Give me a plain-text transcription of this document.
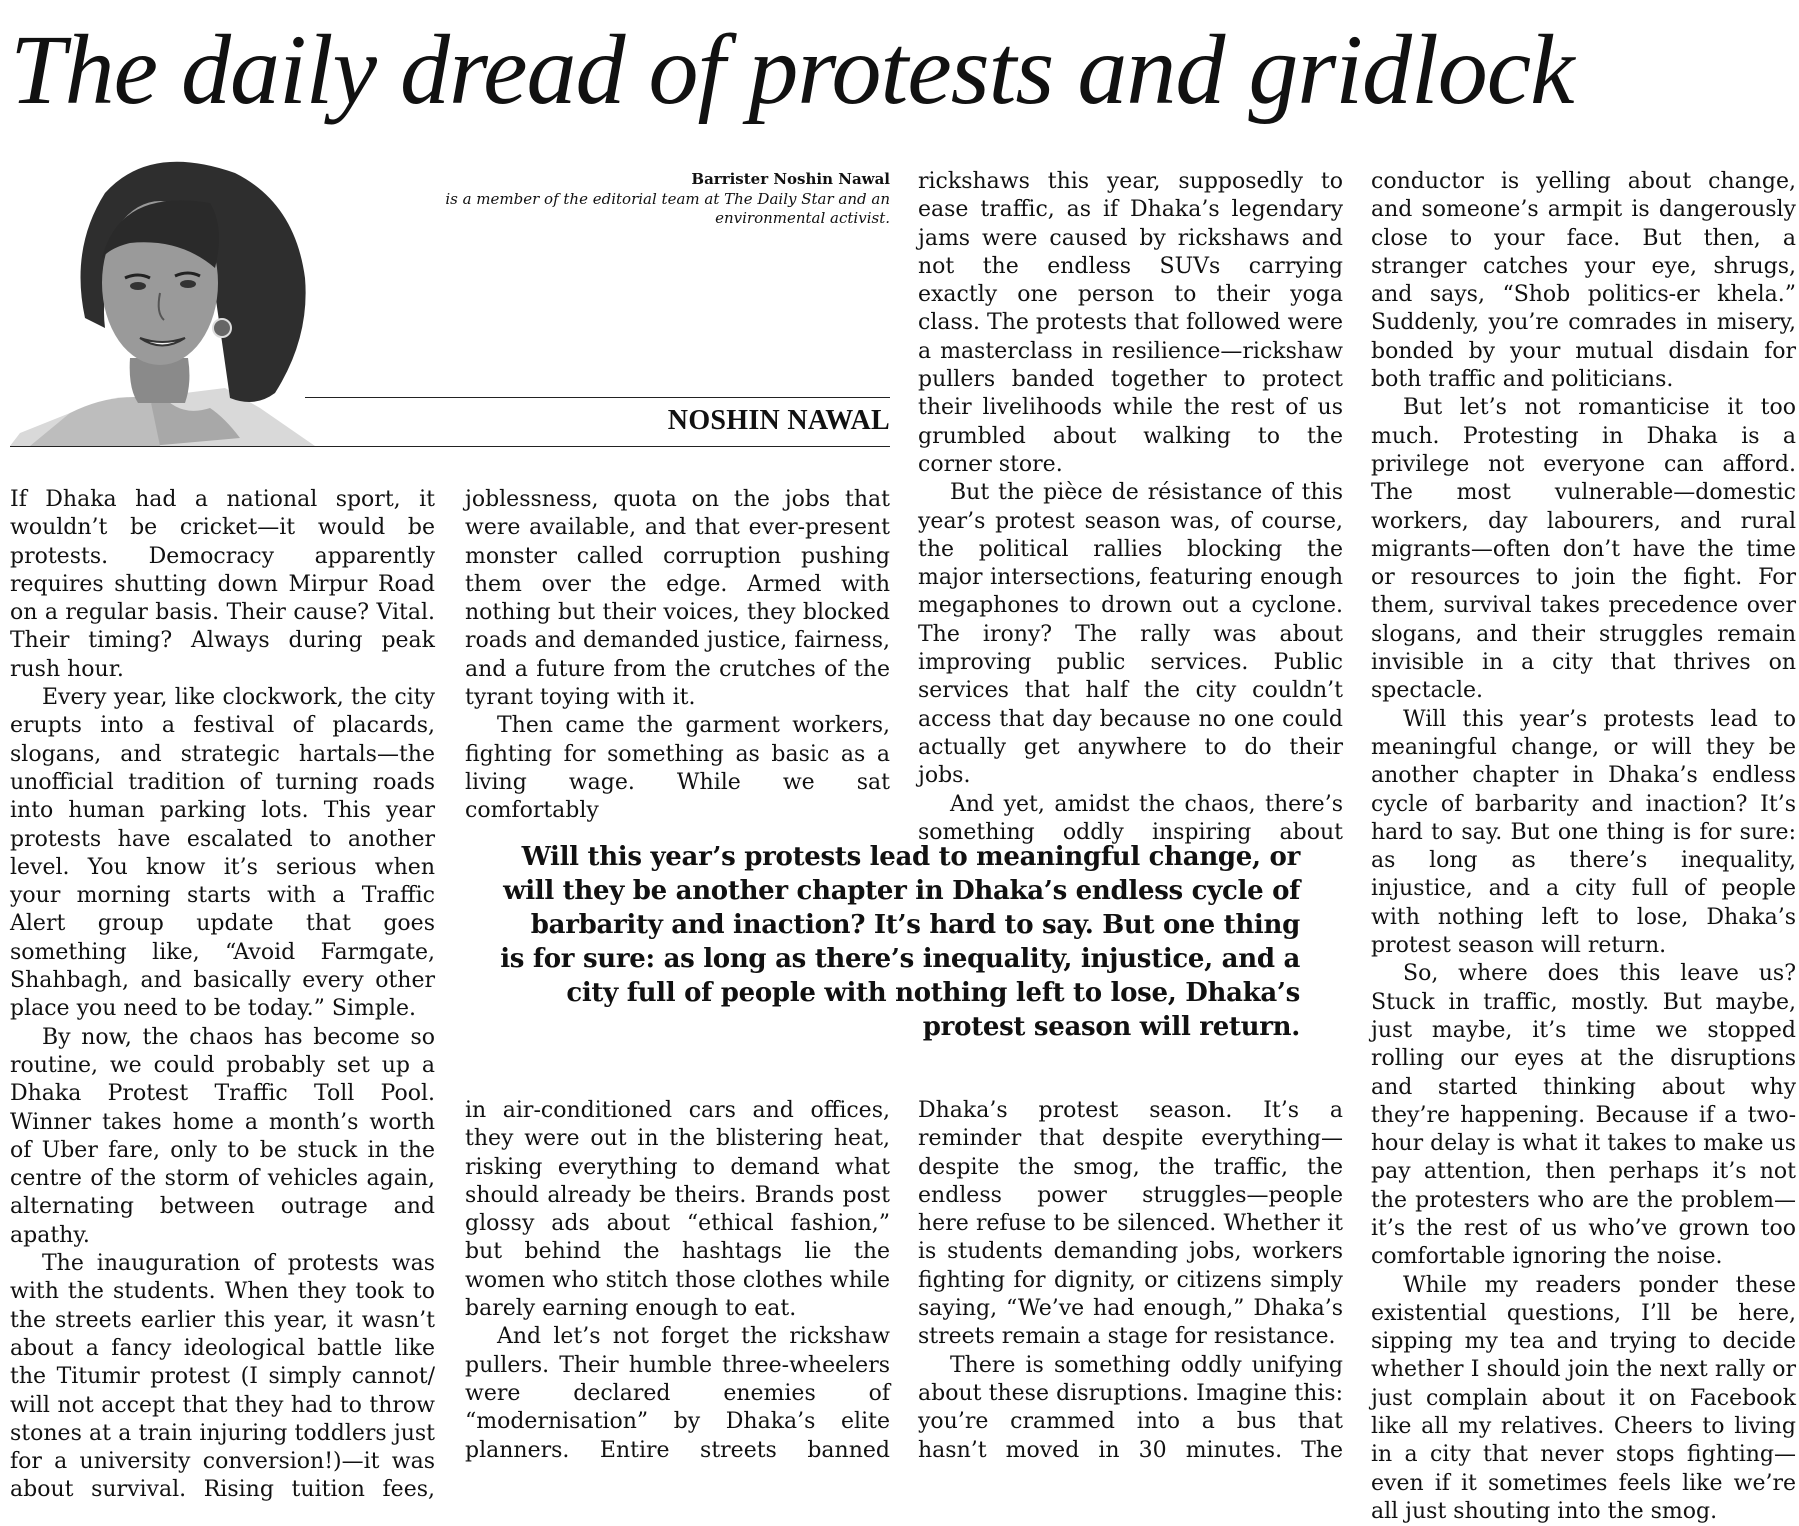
The daily dread of protests and gridlock
Barrister Noshin Nawal
is a member of the editorial team at The Daily Star and an environmental activist.
NOSHIN NAWAL

If Dhaka had a national sport, it wouldn’t be cricket—it would be protests. Democracy apparently requires shutting down Mirpur Road on a regular basis. Their cause? Vital. Their timing? Always during peak rush hour.

Every year, like clockwork, the city erupts into a festival of placards, slogans, and strategic hartals—the unofficial tradition of turning roads into human parking lots. This year protests have escalated to another level. You know it’s serious when your morning starts with a Traffic Alert group update that goes something like, “Avoid Farmgate, Shahbagh, and basically every other place you need to be today.” Simple.

By now, the chaos has become so routine, we could probably set up a Dhaka Protest Traffic Toll Pool. Winner takes home a month’s worth of Uber fare, only to be stuck in the centre of the storm of vehicles again, alternating between outrage and apathy.

The inauguration of protests was with the students. When they took to the streets earlier this year, it wasn’t about a fancy ideological battle like the Titumir protest (I simply cannot/ will not accept that they had to throw stones at a train injuring toddlers just for a university conversion!)—it was about survival. Rising tuition fees,

joblessness, quota on the jobs that were available, and that ever-present monster called corruption pushing them over the edge. Armed with nothing but their voices, they blocked roads and demanded justice, fairness, and a future from the crutches of the tyrant toying with it.

Then came the garment workers, fighting for something as basic as a living wage. While we sat comfortably

in air-conditioned cars and offices, they were out in the blistering heat, risking everything to demand what should already be theirs. Brands post glossy ads about “ethical fashion,” but behind the hashtags lie the women who stitch those clothes while barely earning enough to eat.

And let’s not forget the rickshaw pullers. Their humble three-wheelers were declared enemies of “modernisation” by Dhaka’s elite planners. Entire streets banned

rickshaws this year, supposedly to ease traffic, as if Dhaka’s legendary jams were caused by rickshaws and not the endless SUVs carrying exactly one person to their yoga class. The protests that followed were a masterclass in resilience—rickshaw pullers banded together to protect their livelihoods while the rest of us grumbled about walking to the corner store.

But the pièce de résistance of this year’s protest season was, of course, the political rallies blocking the major intersections, featuring enough megaphones to drown out a cyclone. The irony? The rally was about improving public services. Public services that half the city couldn’t access that day because no one could actually get anywhere to do their jobs.

And yet, amidst the chaos, there’s something oddly inspiring about

Dhaka’s protest season. It’s a reminder that despite everything—despite the smog, the traffic, the endless power struggles—people here refuse to be silenced. Whether it is students demanding jobs, workers fighting for dignity, or citizens simply saying, “We’ve had enough,” Dhaka’s streets remain a stage for resistance.

There is something oddly unifying about these disruptions. Imagine this: you’re crammed into a bus that hasn’t moved in 30 minutes. The

conductor is yelling about change, and someone’s armpit is dangerously close to your face. But then, a stranger catches your eye, shrugs, and says, “Shob politics-er khela.” Suddenly, you’re comrades in misery, bonded by your mutual disdain for both traffic and politicians.

But let’s not romanticise it too much. Protesting in Dhaka is a privilege not everyone can afford. The most vulnerable—domestic workers, day labourers, and rural migrants—often don’t have the time or resources to join the fight. For them, survival takes precedence over slogans, and their struggles remain invisible in a city that thrives on spectacle.

Will this year’s protests lead to meaningful change, or will they be another chapter in Dhaka’s endless cycle of barbarity and inaction? It’s hard to say. But one thing is for sure: as long as there’s inequality, injustice, and a city full of people with nothing left to lose, Dhaka’s protest season will return.

So, where does this leave us? Stuck in traffic, mostly. But maybe, just maybe, it’s time we stopped rolling our eyes at the disruptions and started thinking about why they’re happening. Because if a two-hour delay is what it takes to make us pay attention, then perhaps it’s not the protesters who are the problem—it’s the rest of us who’ve grown too comfortable ignoring the noise.

While my readers ponder these existential questions, I’ll be here, sipping my tea and trying to decide whether I should join the next rally or just complain about it on Facebook like all my relatives. Cheers to living in a city that never stops fighting—even if it sometimes feels like we’re all just shouting into the smog.

Will this year’s protests lead to meaningful change, or will they be another chapter in Dhaka’s endless cycle of barbarity and inaction? It’s hard to say. But one thing is for sure: as long as there’s inequality, injustice, and a city full of people with nothing left to lose, Dhaka’s protest season will return.
